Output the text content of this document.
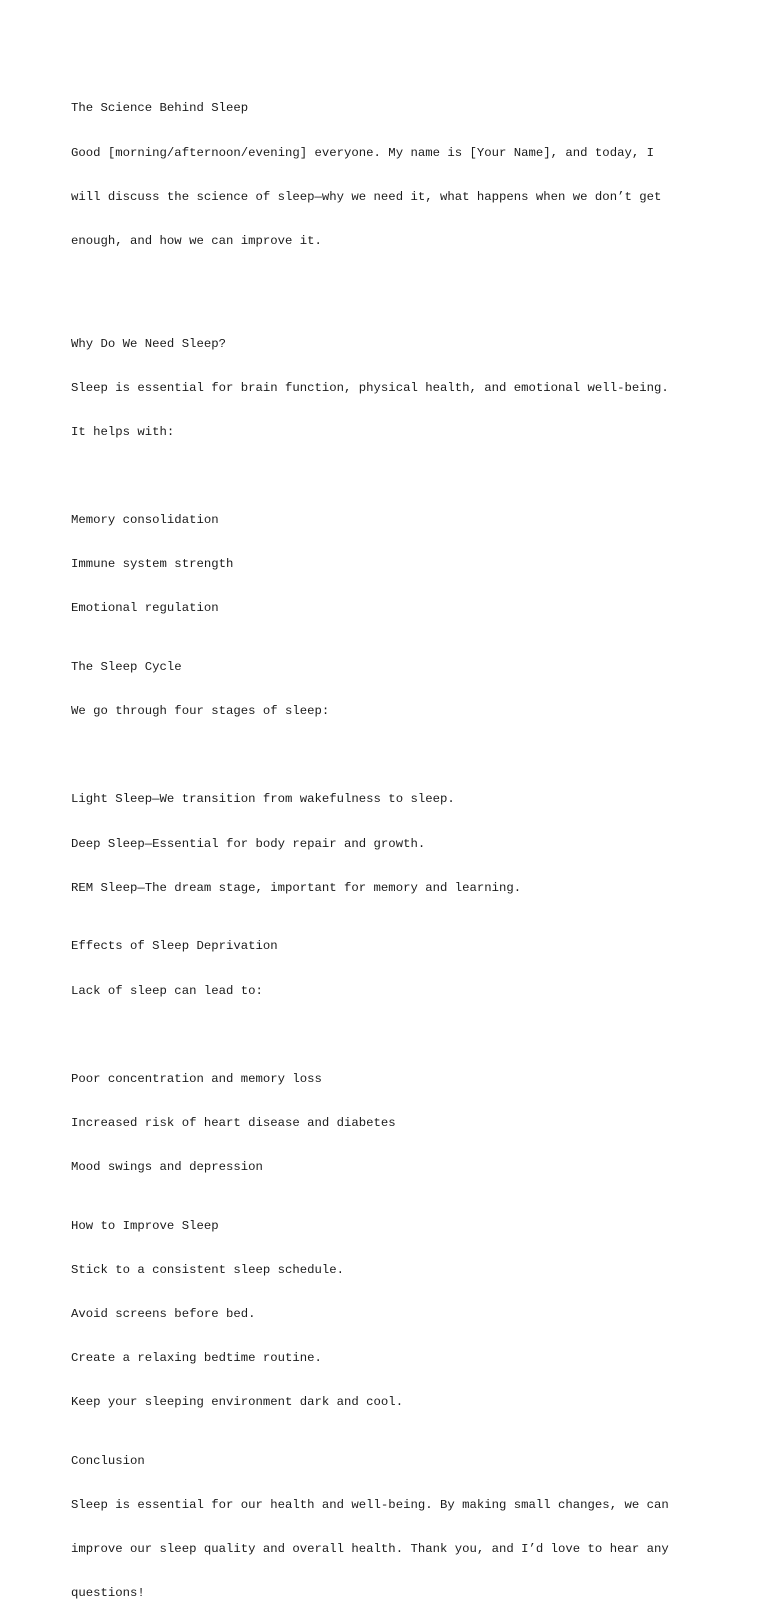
The Science Behind Sleep

Good [morning/afternoon/evening] everyone. My name is [Your Name], and today, I

will discuss the science of sleep—why we need it, what happens when we don’t get

enough, and how we can improve it.

Why Do We Need Sleep?

Sleep is essential for brain function, physical health, and emotional well-being.

It helps with:

Memory consolidation

Immune system strength

Emotional regulation

The Sleep Cycle

We go through four stages of sleep:

Light Sleep—We transition from wakefulness to sleep.

Deep Sleep—Essential for body repair and growth.

REM Sleep—The dream stage, important for memory and learning.

Effects of Sleep Deprivation

Lack of sleep can lead to:

Poor concentration and memory loss

Increased risk of heart disease and diabetes

Mood swings and depression

How to Improve Sleep

Stick to a consistent sleep schedule.

Avoid screens before bed.

Create a relaxing bedtime routine.

Keep your sleeping environment dark and cool.

Conclusion

Sleep is essential for our health and well-being. By making small changes, we can

improve our sleep quality and overall health. Thank you, and I’d love to hear any

questions!
